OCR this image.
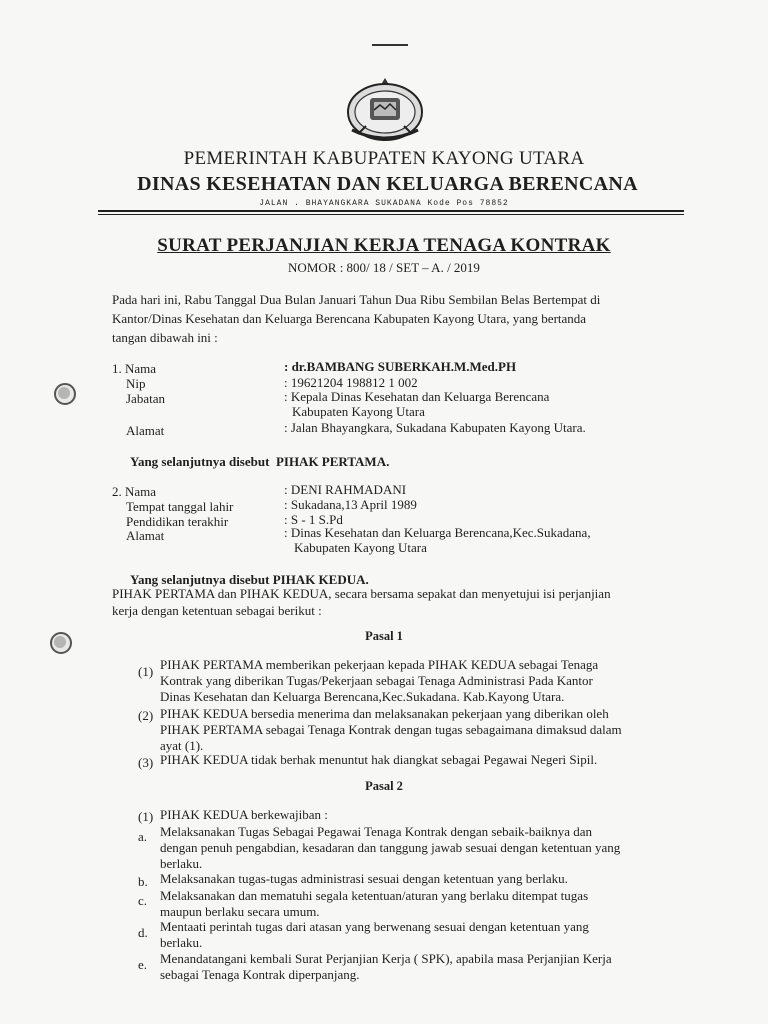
PEMERINTAH KABUPATEN KAYONG UTARA
DINAS KESEHATAN DAN KELUARGA BERENCANA
JALAN . BHAYANGKARA SUKADANA Kode Pos 78852
SURAT PERJANJIAN KERJA TENAGA KONTRAK
NOMOR : 800/ 18 / SET – A. / 2019
Pada hari ini, Rabu Tanggal Dua Bulan Januari Tahun Dua Ribu Sembilan Belas Bertempat di
Kantor/Dinas Kesehatan dan Keluarga Berencana Kabupaten Kayong Utara, yang bertanda
tangan dibawah ini :
1. Nama	: dr.BAMBANG SUBERKAH.M.Med.PH
Nip	: 19621204 198812 1 002
Jabatan	: Kepala Dinas Kesehatan dan Keluarga Berencana
Kabupaten Kayong Utara
Alamat	: Jalan Bhayangkara, Sukadana Kabupaten Kayong Utara.
Yang selanjutnya disebut PIHAK PERTAMA.
2. Nama	: DENI RAHMADANI
Tempat tanggal lahir	: Sukadana,13 April 1989
Pendidikan terakhir	: S - 1 S.Pd
Alamat	: Dinas Kesehatan dan Keluarga Berencana,Kec.Sukadana,
Kabupaten Kayong Utara
Yang selanjutnya disebut PIHAK KEDUA.
PIHAK PERTAMA dan PIHAK KEDUA, secara bersama sepakat dan menyetujui isi perjanjian
kerja dengan ketentuan sebagai berikut :
Pasal 1
(1) PIHAK PERTAMA memberikan pekerjaan kepada PIHAK KEDUA sebagai Tenaga
Kontrak yang diberikan Tugas/Pekerjaan sebagai Tenaga Administrasi Pada Kantor
Dinas Kesehatan dan Keluarga Berencana,Kec.Sukadana. Kab.Kayong Utara.
(2) PIHAK KEDUA bersedia menerima dan melaksanakan pekerjaan yang diberikan oleh
PIHAK PERTAMA sebagai Tenaga Kontrak dengan tugas sebagaimana dimaksud dalam
ayat (1).
(3) PIHAK KEDUA tidak berhak menuntut hak diangkat sebagai Pegawai Negeri Sipil.
Pasal 2
(1) PIHAK KEDUA berkewajiban :
a. Melaksanakan Tugas Sebagai Pegawai Tenaga Kontrak dengan sebaik-baiknya dan
dengan penuh pengabdian, kesadaran dan tanggung jawab sesuai dengan ketentuan yang
berlaku.
b. Melaksanakan tugas-tugas administrasi sesuai dengan ketentuan yang berlaku.
c. Melaksanakan dan mematuhi segala ketentuan/aturan yang berlaku ditempat tugas
maupun berlaku secara umum.
d. Mentaati perintah tugas dari atasan yang berwenang sesuai dengan ketentuan yang
berlaku.
e. Menandatangani kembali Surat Perjanjian Kerja ( SPK), apabila masa Perjanjian Kerja
sebagai Tenaga Kontrak diperpanjang.
